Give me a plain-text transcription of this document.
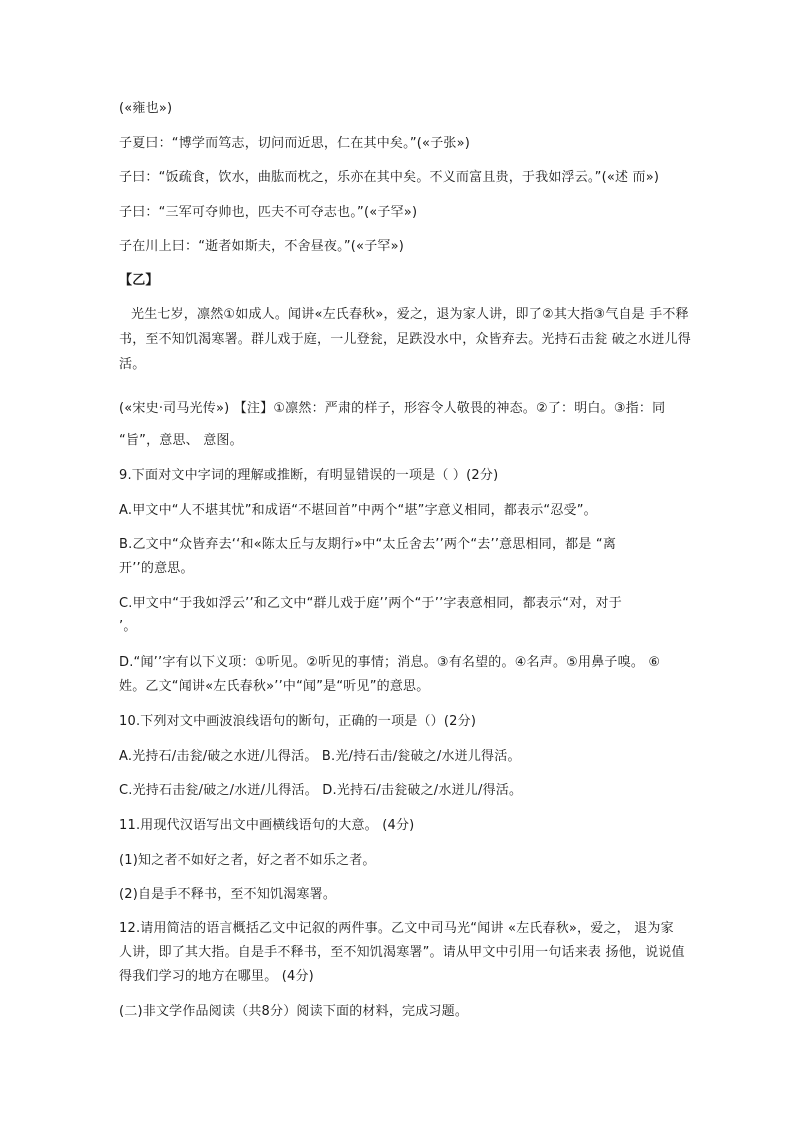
(«雍也»)
子夏曰：“博学而笃志，切问而近思，仁在其中矣。”(«子张»)
子曰：“饭疏食，饮水，曲肱而枕之，乐亦在其中矣。不义而富且贵，于我如浮云。”(«述 而»)
子曰：“三军可夺帅也，匹夫不可夺志也。”(«子罕»)
子在川上曰：“逝者如斯夫，不舍昼夜。”(«子罕»)
【乙】
光生七岁，凛然①如成人。闻讲«左氏春秋»，爱之，退为家人讲，即了②其大指③气自是 手不释
书，至不知饥渴寒署。群儿戏于庭，一儿登瓮，足跌没水中，众皆弃去。光持石击瓮 破之水迸儿得
活。
(«宋史·司马光传») 【注】①凛然：严肃的样子，形容令人敬畏的神态。②了：明白。③指：同
“旨”，意思、 意图。
9.下面对文中字词的理解或推断，有明显错误的一项是（ ）(2分)
A.甲文中“人不堪其忧”和成语“不堪回首”中两个“堪”字意义相同，都表示“忍受”。
B.乙文中“众皆弃去‘‘和«陈太丘与友期行»中“太丘舍去’’两个“去’’意思相同，都是 “离
开’’的意思。
C.甲文中“于我如浮云’’和乙文中“群儿戏于庭’’两个“于’’字表意相同，都表示“对，对于
’。
D.“闻’’字有以下义项：①听见。②听见的事情；消息。③有名望的。④名声。⑤用鼻子嗅。 ⑥
姓。乙文“闻讲«左氏春秋»’’中“闻”是“听见”的意思。
10.下列对文中画波浪线语句的断句，正确的一项是（）(2分)
A.光持石/击瓮/破之水迸/儿得活。 B.光/持石击/瓮破之/水迸儿得活。
C.光持石击瓮/破之/水迸/儿得活。 D.光持石/击瓮破之/水迸儿/得活。
11.用现代汉语写出文中画横线语句的大意。 (4分)
(1)知之者不如好之者，好之者不如乐之者。
(2)自是手不释书，至不知饥渴寒署。
12.请用简洁的语言概括乙文中记叙的两件事。乙文中司马光“闻讲 «左氏春秋»，爱之， 退为家
人讲，即了其大指。自是手不释书，至不知饥渴寒署”。请从甲文中引用一句话来表 扬他，说说值
得我们学习的地方在哪里。 (4分)
(二)非文学作品阅读（共8分）阅读下面的材料，完成习题。
